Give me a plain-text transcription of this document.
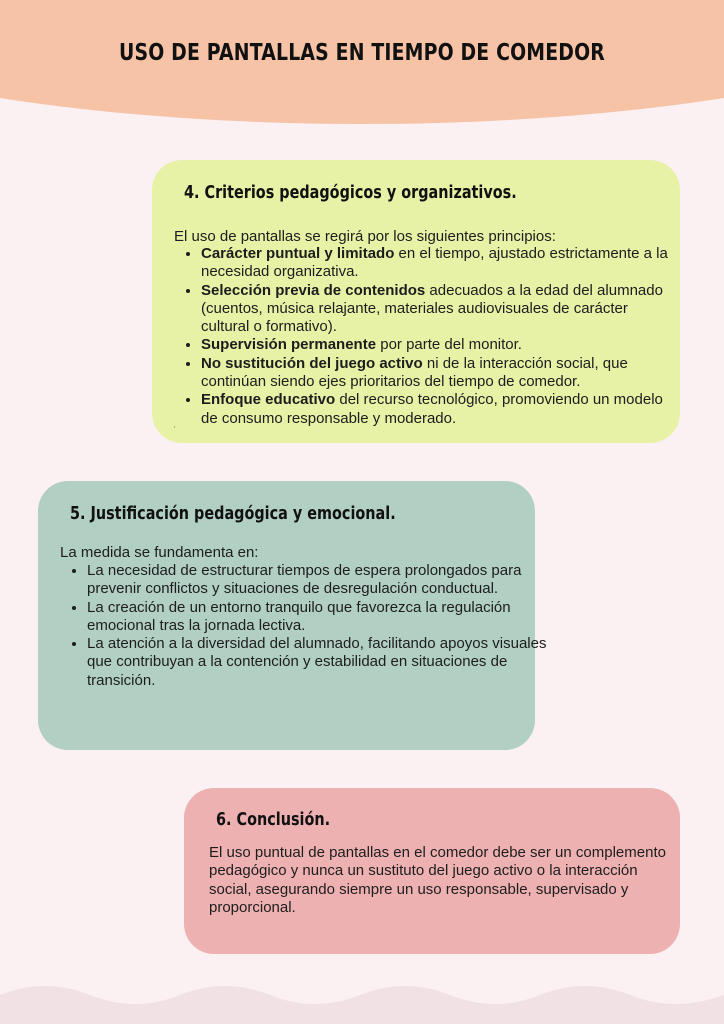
USO DE PANTALLAS EN TIEMPO DE COMEDOR
4. Criterios pedagógicos y organizativos.

El uso de pantallas se regirá por los siguientes principios:

• Carácter puntual y limitado en el tiempo, ajustado estrictamente a la necesidad organizativa.
• Selección previa de contenidos adecuados a la edad del alumnado (cuentos, música relajante, materiales audiovisuales de carácter cultural o formativo).
• Supervisión permanente por parte del monitor.
• No sustitución del juego activo ni de la interacción social, que continúan siendo ejes prioritarios del tiempo de comedor.
• Enfoque educativo del recurso tecnológico, promoviendo un modelo de consumo responsable y moderado.
‘
5. Justificación pedagógica y emocional.

La medida se fundamenta en:

• La necesidad de estructurar tiempos de espera prolongados para prevenir conflictos y situaciones de desregulación conductual.
• La creación de un entorno tranquilo que favorezca la regulación emocional tras la jornada lectiva.
• La atención a la diversidad del alumnado, facilitando apoyos visuales que contribuyan a la contención y estabilidad en situaciones de transición.
6. Conclusión.

El uso puntual de pantallas en el comedor debe ser un complemento pedagógico y nunca un sustituto del juego activo o la interacción social, asegurando siempre un uso responsable, supervisado y proporcional.
